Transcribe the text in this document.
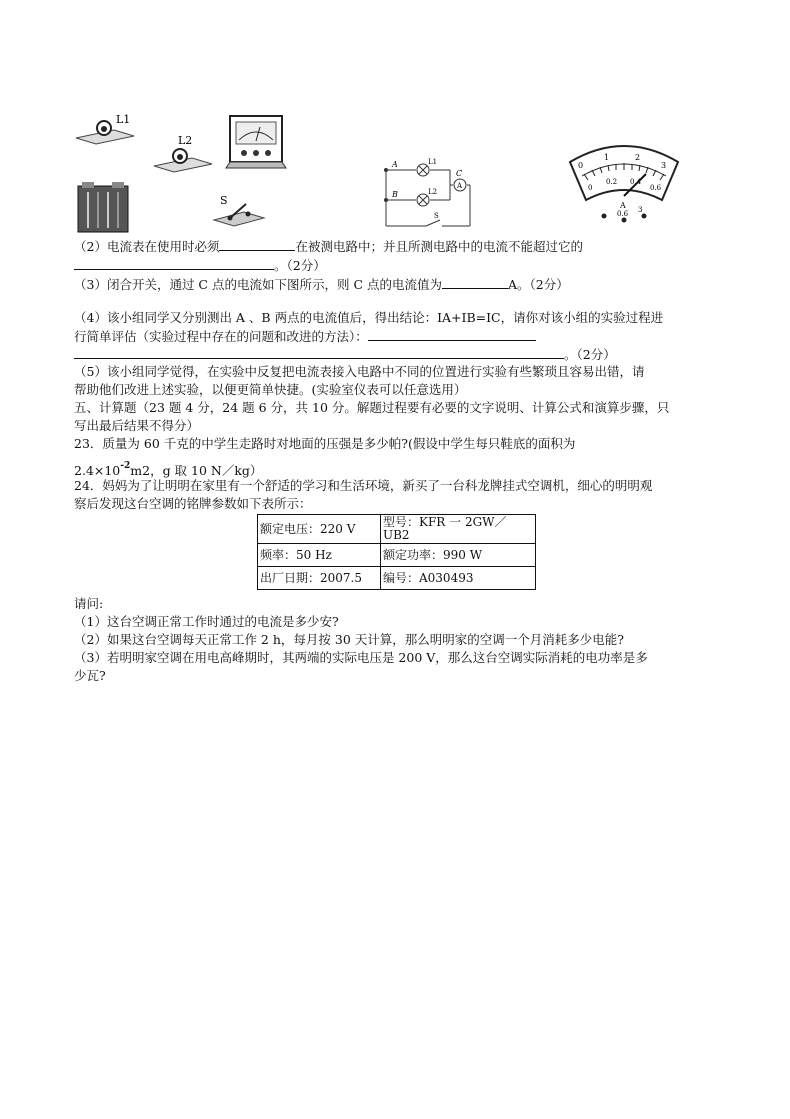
L1
L2
S
A
B
C
L1
L2
A
S
0
1	2
3
0
0.2 0.4
0.6
A
0.6 3
（2）电流表在使用时必须	在被测电路中；并且所测电路中的电流不能超过它的
。（2分）
（3）闭合开关，通过 C 点的电流如下图所示，则 C 点的电流值为	A。（2分）
（4）该小组同学又分别测出 A 、B 两点的电流值后，得出结论：IA+IB=IC，请你对该小组的实验过程进
行简单评估（实验过程中存在的问题和改进的方法）：
。（2分）
（5）该小组同学觉得，在实验中反复把电流表接入电路中不同的位置进行实验有些繁琐且容易出错，请
帮助他们改进上述实验，以便更简单快捷。(实验室仪表可以任意选用）
五、计算题（23 题 4 分，24 题 6 分，共 10 分。解题过程要有必要的文字说明、计算公式和演算步骤，只
写出最后结果不得分）
23．质量为 60 千克的中学生走路时对地面的压强是多少帕?(假设中学生每只鞋底的面积为
$2.4\times 10^{-2}m2$，g 取 10 N／kg）
24．妈妈为了让明明在家里有一个舒适的学习和生活环境，新买了一台科龙牌挂式空调机，细心的明明观
察后发现这台空调的铭牌参数如下表所示：
额定电压：220 V	型号：KFR 一 2GW／UB2
频率：50 Hz	额定功率：990 W
出厂日期：2007.5	编号：A030493
请问:
（1）这台空调正常工作时通过的电流是多少安?
（2）如果这台空调每天正常工作 2 h，每月按 30 天计算，那么明明家的空调一个月消耗多少电能?
（3）若明明家空调在用电高峰期时，其两端的实际电压是 200 V，那么这台空调实际消耗的电功率是多
少瓦?
